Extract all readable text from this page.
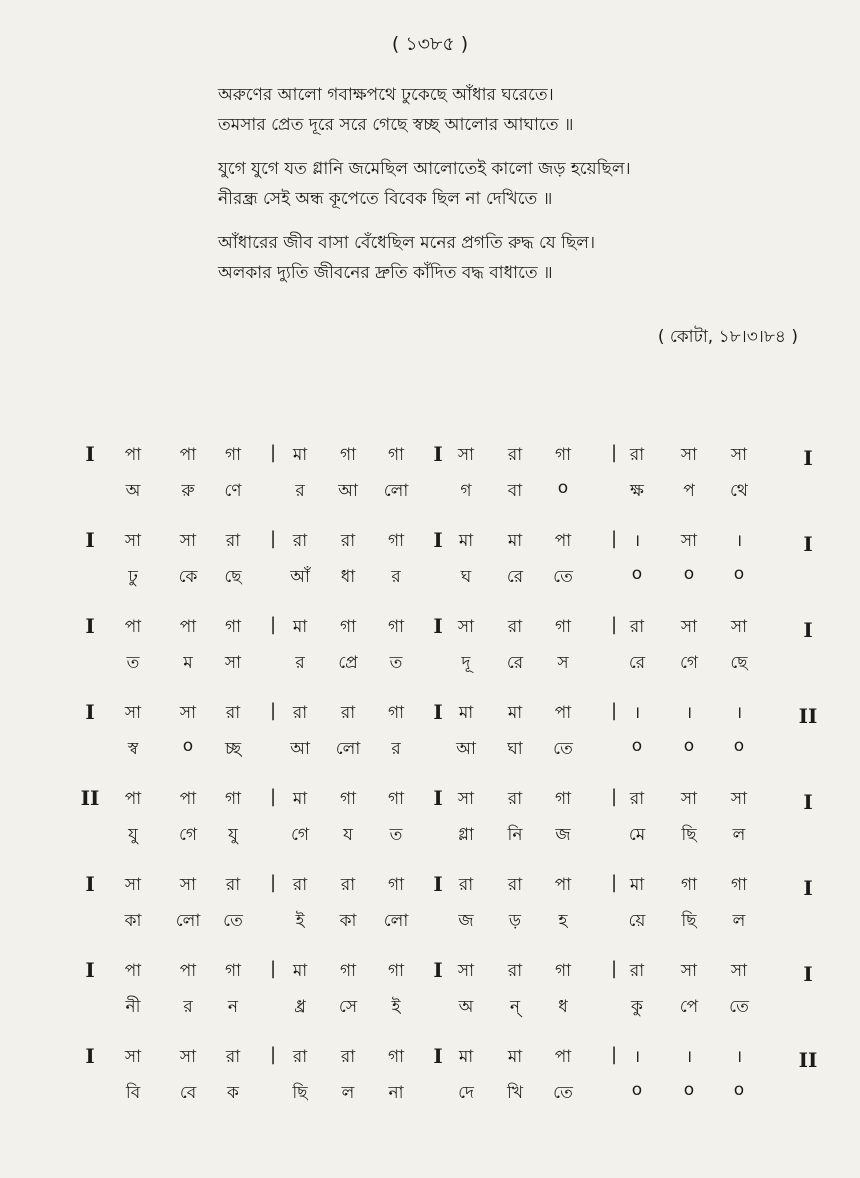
( ১৩৮৫ )
অরুণের আলো গবাক্ষপথে ঢুকেছে আঁধার ঘরেতে।
তমসার প্রেত দূরে সরে গেছে স্বচ্ছ আলোর আঘাতে ॥
যুগে যুগে যত গ্লানি জমেছিল আলোতেই কালো জড় হয়েছিল।
নীরন্ধ্র সেই অন্ধ কূপেতে বিবেক ছিল না দেখিতে ॥
আঁধারের জীব বাসা বেঁধেছিল মনের প্রগতি রুদ্ধ যে ছিল।
অলকার দ্যুতি জীবনের দ্রুতি কাঁদিত বদ্ধ বাধাতে ॥
( কোটা, ১৮।৩।৮৪ )
I	|	I	|	I
পা	পা	গা	মা	গা	গা	সা	রা	গা	রা	সা	সা
অ	রু	ণে	র	আ	লো	গ	বা	o	ক্ষ	প	থে
I	|	I	|	I
সা	সা	রা	রা	রা	গা	মা	মা	পা	।	সা	।
ঢু	কে	ছে	আঁ	ধা	র	ঘ	রে	তে	o	o	o
I	|	I	|	I
পা	পা	গা	মা	গা	গা	সা	রা	গা	রা	সা	সা
ত	ম	সা	র	প্রে	ত	দূ	রে	স	রে	গে	ছে
I	|	I	|	II
সা	সা	রা	রা	রা	গা	মা	মা	পা	।	।	।
স্ব	o	চ্ছ	আ	লো	র	আ	ঘা	তে	o	o	o
II	|	I	|	I
পা	পা	গা	মা	গা	গা	সা	রা	গা	রা	সা	সা
যু	গে	যু	গে	য	ত	গ্লা	নি	জ	মে	ছি	ল
I	|	I	|	I
সা	সা	রা	রা	রা	গা	রা	রা	পা	মা	গা	গা
কা	লো	তে	ই	কা	লো	জ	ড়	হ	য়ে	ছি	ল
I	|	I	|	I
পা	পা	গা	মা	গা	গা	সা	রা	গা	রা	সা	সা
নী	র	ন	ধ্র	সে	ই	অ	ন্	ধ	কু	পে	তে
I	|	I	|	II
সা	সা	রা	রা	রা	গা	মা	মা	পা	।	।	।
বি	বে	ক	ছি	ল	না	দে	খি	তে	o	o	o
